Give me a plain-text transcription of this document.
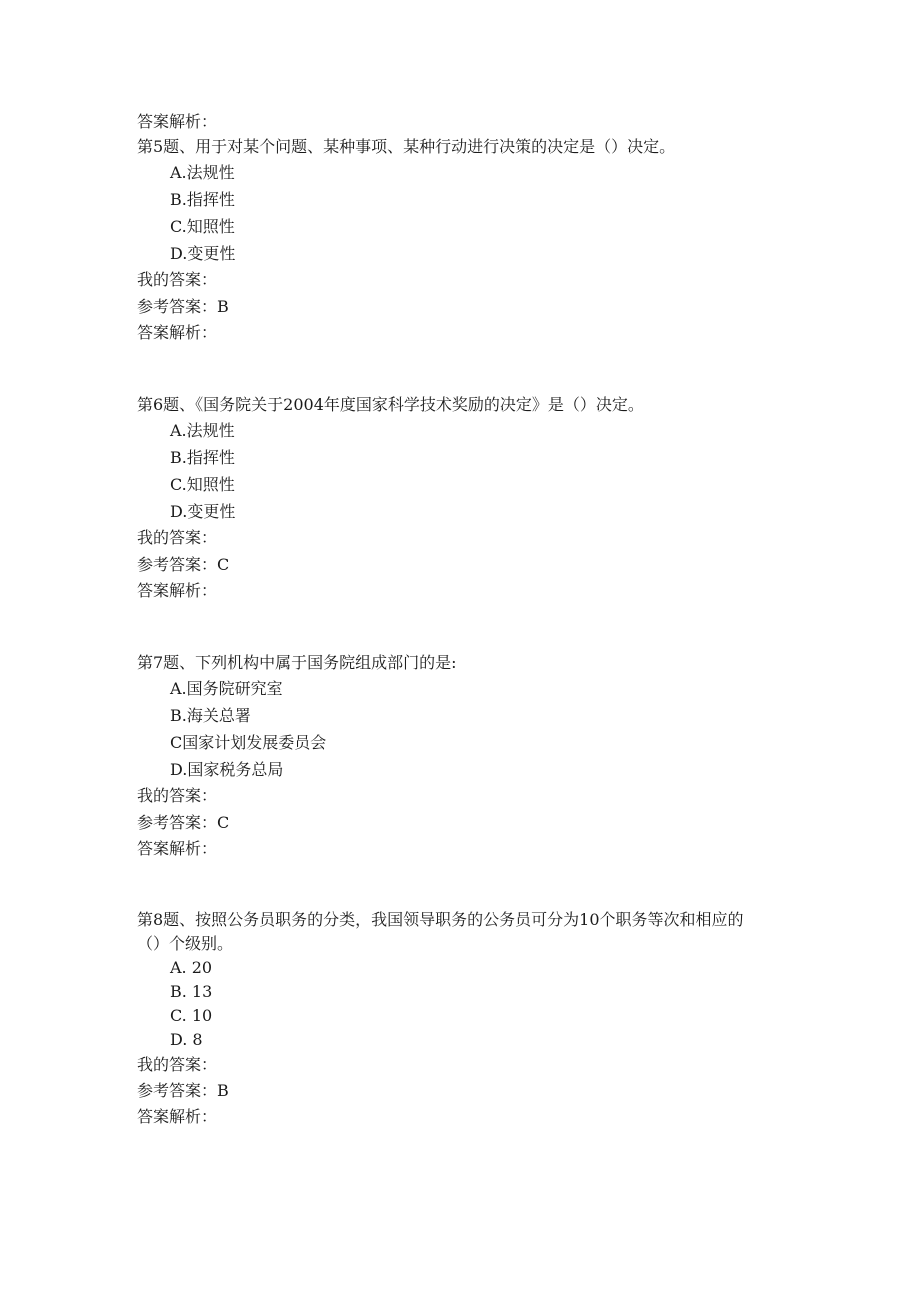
答案解析：
第5题、用于对某个问题、某种事项、某种行动进行决策的决定是（）决定。
A.法规性
B.指挥性
C.知照性
D.变更性
我的答案：
参考答案：B
答案解析：
第6题、《国务院关于2004年度国家科学技术奖励的决定》是（）决定。
A.法规性
B.指挥性
C.知照性
D.变更性
我的答案：
参考答案：C
答案解析：
第7题、下列机构中属于国务院组成部门的是:
A.国务院研究室
B.海关总署
C国家计划发展委员会
D.国家税务总局
我的答案：
参考答案：C
答案解析：
第8题、按照公务员职务的分类，我国领导职务的公务员可分为10个职务等次和相应的
（）个级别。
A. 20
B. 13
C. 10
D. 8
我的答案：
参考答案：B
答案解析：
